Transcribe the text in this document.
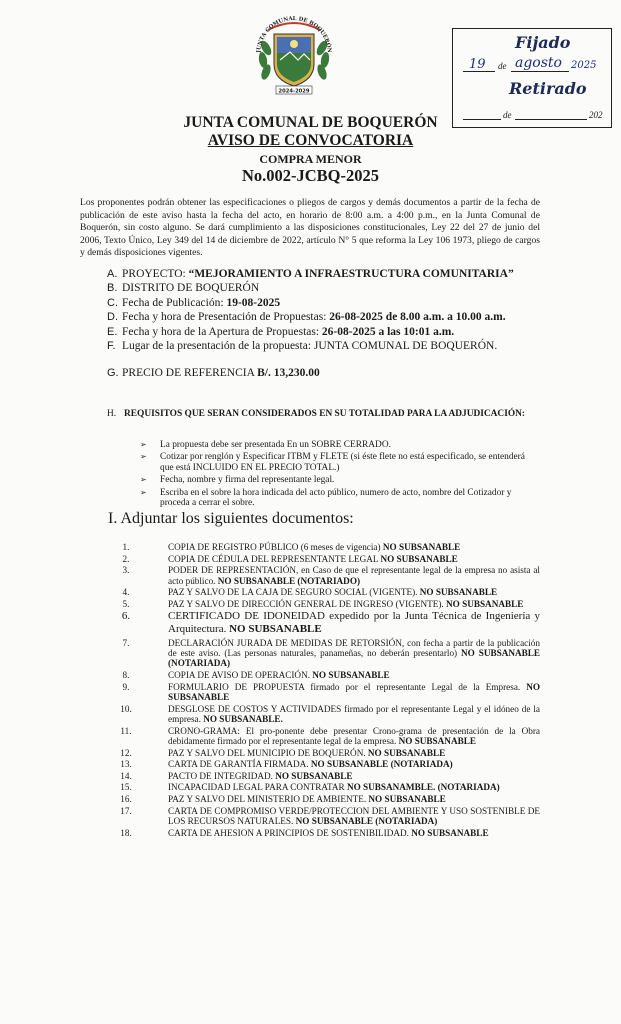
2024-2029
JUNTA COMUNAL DE BOQUERÓN	Fijado
19 de agosto 2025
Retirado
de	202
JUNTA COMUNAL DE BOQUERÓN
AVISO DE CONVOCATORIA
COMPRA MENOR
No.002-JCBQ-2025
Los proponentes podrán obtener las especificaciones o pliegos de cargos y demás documentos a partir de la fecha de publicación de este aviso hasta la fecha del acto, en horario de 8:00 a.m. a 4:00 p.m., en la Junta Comunal de Boquerón, sin costo alguno. Se dará cumplimiento a las disposiciones constitucionales, Ley 22 del 27 de junio del 2006, Texto Único, Ley 349 del 14 de diciembre de 2022, artículo N° 5 que reforma la Ley 106 1973, pliego de cargos y demás disposiciones vigentes.
A. PROYECTO: “MEJORAMIENTO A INFRAESTRUCTURA COMUNITARIA”
B. DISTRITO DE BOQUERÓN
C. Fecha de Publicación: 19-08-2025
D. Fecha y hora de Presentación de Propuestas: 26-08-2025 de 8.00 a.m. a 10.00 a.m.
E. Fecha y hora de la Apertura de Propuestas: 26-08-2025 a las 10:01 a.m.
F. Lugar de la presentación de la propuesta: JUNTA COMUNAL DE BOQUERÓN.
G. PRECIO DE REFERENCIA B/. 13,230.00
H. REQUISITOS QUE SERAN CONSIDERADOS EN SU TOTALIDAD PARA LA ADJUDICACIÓN:
➢ La propuesta debe ser presentada En un SOBRE CERRADO.
➢ Cotizar por renglón y Especificar ITBM y FLETE (si éste flete no está especificado, se entenderá que está INCLUIDO EN EL PRECIO TOTAL.)
➢ Fecha, nombre y firma del representante legal.
➢ Escriba en el sobre la hora indicada del acto público, numero de acto, nombre del Cotizador y proceda a cerrar el sobre.
I. Adjuntar los siguientes documentos:
1.	COPIA DE REGISTRO PÚBLICO (6 meses de vigencia) NO SUBSANABLE
2.	COPIA DE CÉDULA DEL REPRESENTANTE LEGAL NO SUBSANABLE
3.	PODER DE REPRESENTACIÓN, en Caso de que el representante legal de la empresa no asista al acto público. NO SUBSANABLE (NOTARIADO)
4.	PAZ Y SALVO DE LA CAJA DE SEGURO SOCIAL (VIGENTE). NO SUBSANABLE
5.	PAZ Y SALVO DE DIRECCIÓN GENERAL DE INGRESO (VIGENTE). NO SUBSANABLE
6.	CERTIFICADO DE IDONEIDAD expedido por la Junta Técnica de Ingeniería y Arquitectura. NO SUBSANABLE
7.	DECLARACIÓN JURADA DE MEDIDAS DE RETORSIÓN, con fecha a partir de la publicación de este aviso. (Las personas naturales, panameñas, no deberán presentarlo) NO SUBSANABLE (NOTARIADA)
8.	COPIA DE AVISO DE OPERACIÓN. NO SUBSANABLE
9.	FORMULARIO DE PROPUESTA firmado por el representante Legal de la Empresa. NO SUBSANABLE
10.	DESGLOSE DE COSTOS Y ACTIVIDADES firmado por el representante Legal y el idóneo de la empresa. NO SUBSANABLE.
11.	CRONO-GRAMA: El pro-ponente debe presentar Crono-grama de presentación de la Obra debidamente firmado por el representante legal de la empresa. NO SUBSANABLE
12.	PAZ Y SALVO DEL MUNICIPIO DE BOQUERÓN. NO SUBSANABLE
13.	CARTA DE GARANTÍA FIRMADA. NO SUBSANABLE (NOTARIADA)
14.	PACTO DE INTEGRIDAD. NO SUBSANABLE
15.	INCAPACIDAD LEGAL PARA CONTRATAR NO SUBSANAMBLE. (NOTARIADA)
16.	PAZ Y SALVO DEL MINISTERIO DE AMBIENTE. NO SUBSANABLE
17.	CARTA DE COMPROMISO VERDE/PROTECCION DEL AMBIENTE Y USO SOSTENIBLE DE LOS RECURSOS NATURALES. NO SUBSANABLE (NOTARIADA)
18.	CARTA DE AHESION A PRINCIPIOS DE SOSTENIBILIDAD. NO SUBSANABLE
